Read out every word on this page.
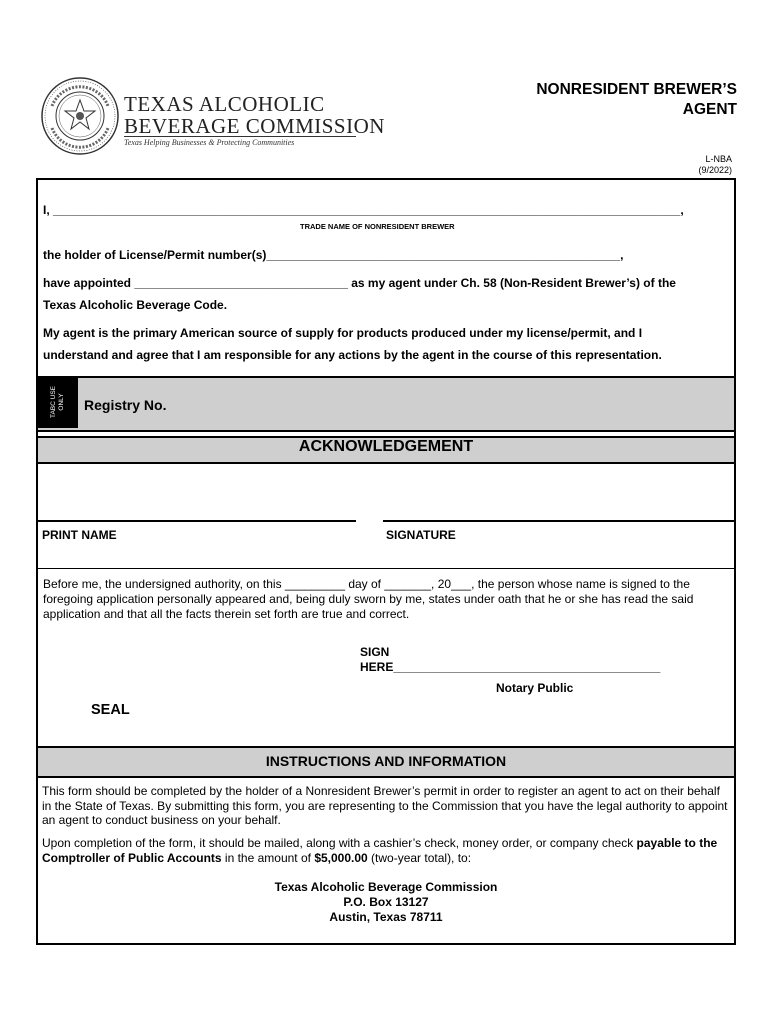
TEXAS ALCOHOLIC
BEVERAGE COMMISSION
Texas Helping Businesses & Protecting Communities
NONRESIDENT BREWER’S
AGENT
L-NBA
(9/2022)
I, ______________________________________________________________________________________________,
TRADE NAME OF NONRESIDENT BREWER
the holder of License/Permit number(s)_____________________________________________________,
have appointed ________________________________ as my agent under Ch. 58 (Non-Resident Brewer’s) of the
Texas Alcoholic Beverage Code.
My agent is the primary American source of supply for products produced under my license/permit, and I
understand and agree that I am responsible for any actions by the agent in the course of this representation.
TABC USE ONLY Registry No.
ACKNOWLEDGEMENT
PRINT NAME	SIGNATURE
Before me, the undersigned authority, on this _________ day of _______, 20___, the person whose name is signed to the foregoing application personally appeared and, being duly sworn by me, states under oath that he or she has read the said application and that all the facts therein set forth are true and correct.
SIGN
HERE________________________________________
Notary Public
SEAL
INSTRUCTIONS AND INFORMATION
This form should be completed by the holder of a Nonresident Brewer’s permit in order to register an agent to act on their behalf in the State of Texas. By submitting this form, you are representing to the Commission that you have the legal authority to appoint an agent to conduct business on your behalf.
Upon completion of the form, it should be mailed, along with a cashier’s check, money order, or company check payable to the Comptroller of Public Accounts in the amount of $5,000.00 (two-year total), to:
Texas Alcoholic Beverage Commission
P.O. Box 13127
Austin, Texas 78711
